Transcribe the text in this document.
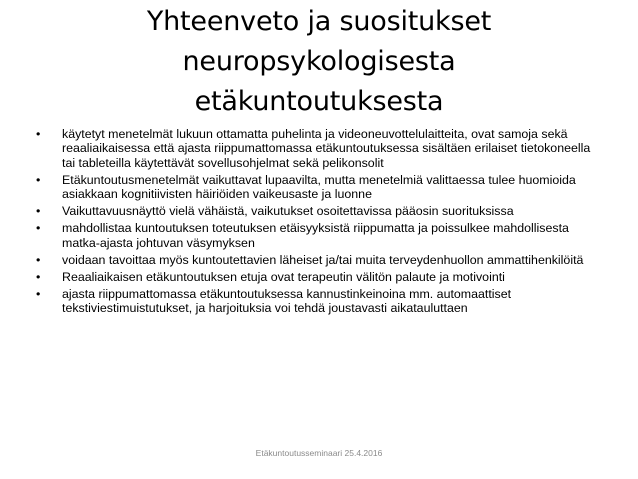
Yhteenveto ja suositukset
neuropsykologisesta
etäkuntoutuksesta
• käytetyt menetelmät lukuun ottamatta puhelinta ja videoneuvottelulaitteita, ovat samoja sekä reaaliaikaisessa että ajasta riippumattomassa etäkuntoutuksessa sisältäen erilaiset tietokoneella tai tableteilla käytettävät sovellusohjelmat sekä pelikonsolit
• Etäkuntoutusmenetelmät vaikuttavat lupaavilta, mutta menetelmiä valittaessa tulee huomioida asiakkaan kognitiivisten häiriöiden vaikeusaste ja luonne
• Vaikuttavuusnäyttö vielä vähäistä, vaikutukset osoitettavissa pääosin suorituksissa
• mahdollistaa kuntoutuksen toteutuksen etäisyyksistä riippumatta ja poissulkee mahdollisesta matka-ajasta johtuvan väsymyksen
• voidaan tavoittaa myös kuntoutettavien läheiset ja/tai muita terveydenhuollon ammattihenkilöitä
• Reaaliaikaisen etäkuntoutuksen etuja ovat terapeutin välitön palaute ja motivointi
• ajasta riippumattomassa etäkuntoutuksessa kannustinkeinoina mm. automaattiset tekstiviestimuistutukset, ja harjoituksia voi tehdä joustavasti aikatauluttaen
Etäkuntoutusseminaari 25.4.2016
